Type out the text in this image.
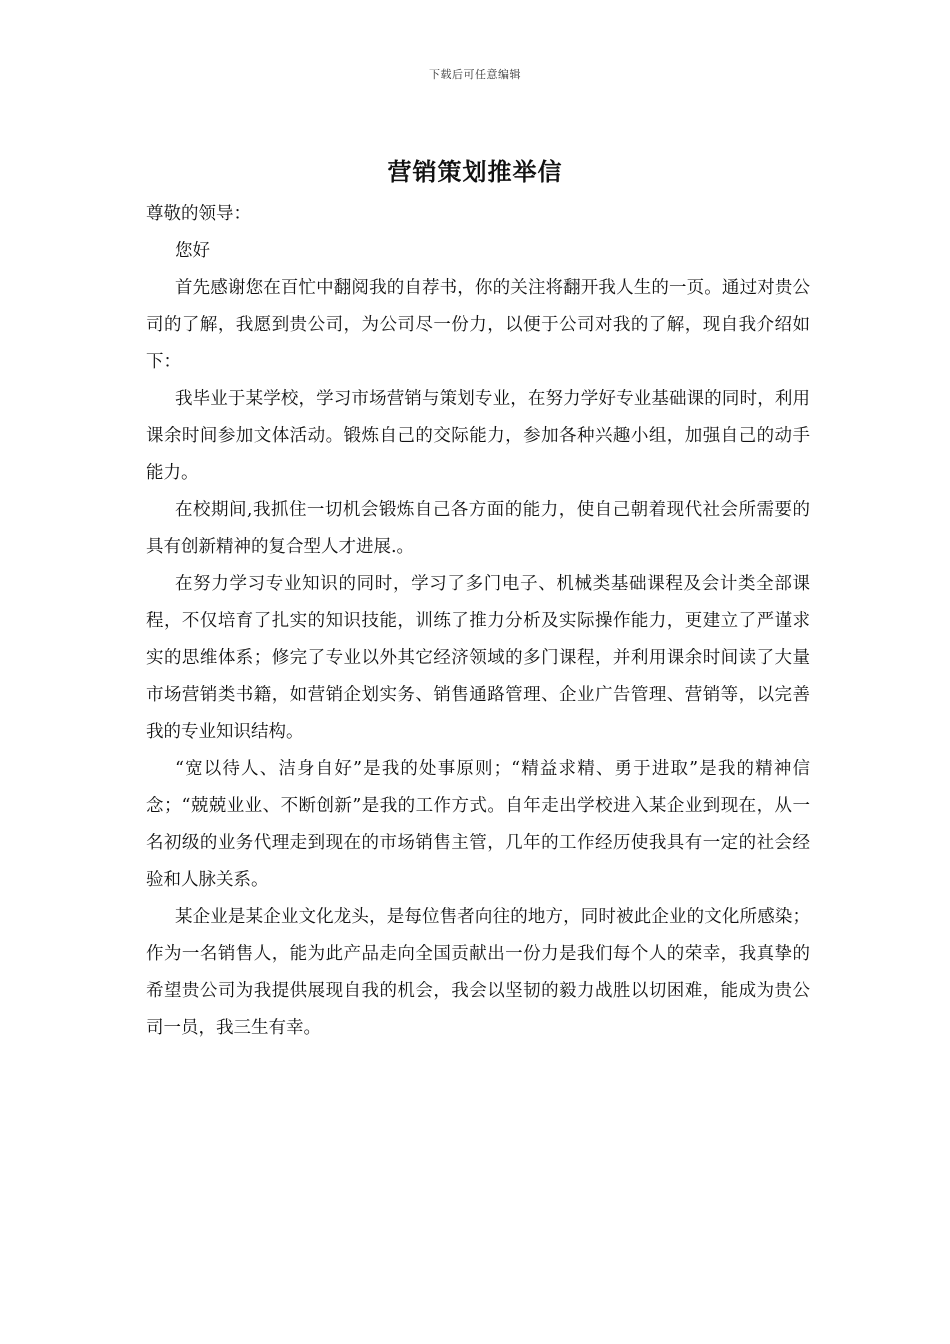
下载后可任意编辑
营销策划推举信

尊敬的领导：

您好

首先感谢您在百忙中翻阅我的自荐书，你的关注将翻开我人生的一页。通过对贵公司的了解，我愿到贵公司，为公司尽一份力，以便于公司对我的了解，现自我介绍如下：

我毕业于某学校，学习市场营销与策划专业，在努力学好专业基础课的同时，利用课余时间参加文体活动。锻炼自己的交际能力，参加各种兴趣小组，加强自己的动手能力。

在校期间,我抓住一切机会锻炼自己各方面的能力，使自己朝着现代社会所需要的具有创新精神的复合型人才进展.。

在努力学习专业知识的同时，学习了多门电子、机械类基础课程及会计类全部课程，不仅培育了扎实的知识技能，训练了推力分析及实际操作能力，更建立了严谨求实的思维体系；修完了专业以外其它经济领域的多门课程，并利用课余时间读了大量市场营销类书籍，如营销企划实务、销售通路管理、企业广告管理、营销等，以完善我的专业知识结构。

“宽以待人、洁身自好”是我的处事原则；“精益求精、勇于进取”是我的精神信念；“兢兢业业、不断创新”是我的工作方式。自年走出学校进入某企业到现在，从一名初级的业务代理走到现在的市场销售主管，几年的工作经历使我具有一定的社会经验和人脉关系。

某企业是某企业文化龙头，是每位售者向往的地方，同时被此企业的文化所感染；作为一名销售人，能为此产品走向全国贡献出一份力是我们每个人的荣幸，我真挚的希望贵公司为我提供展现自我的机会，我会以坚韧的毅力战胜以切困难，能成为贵公司一员，我三生有幸。
